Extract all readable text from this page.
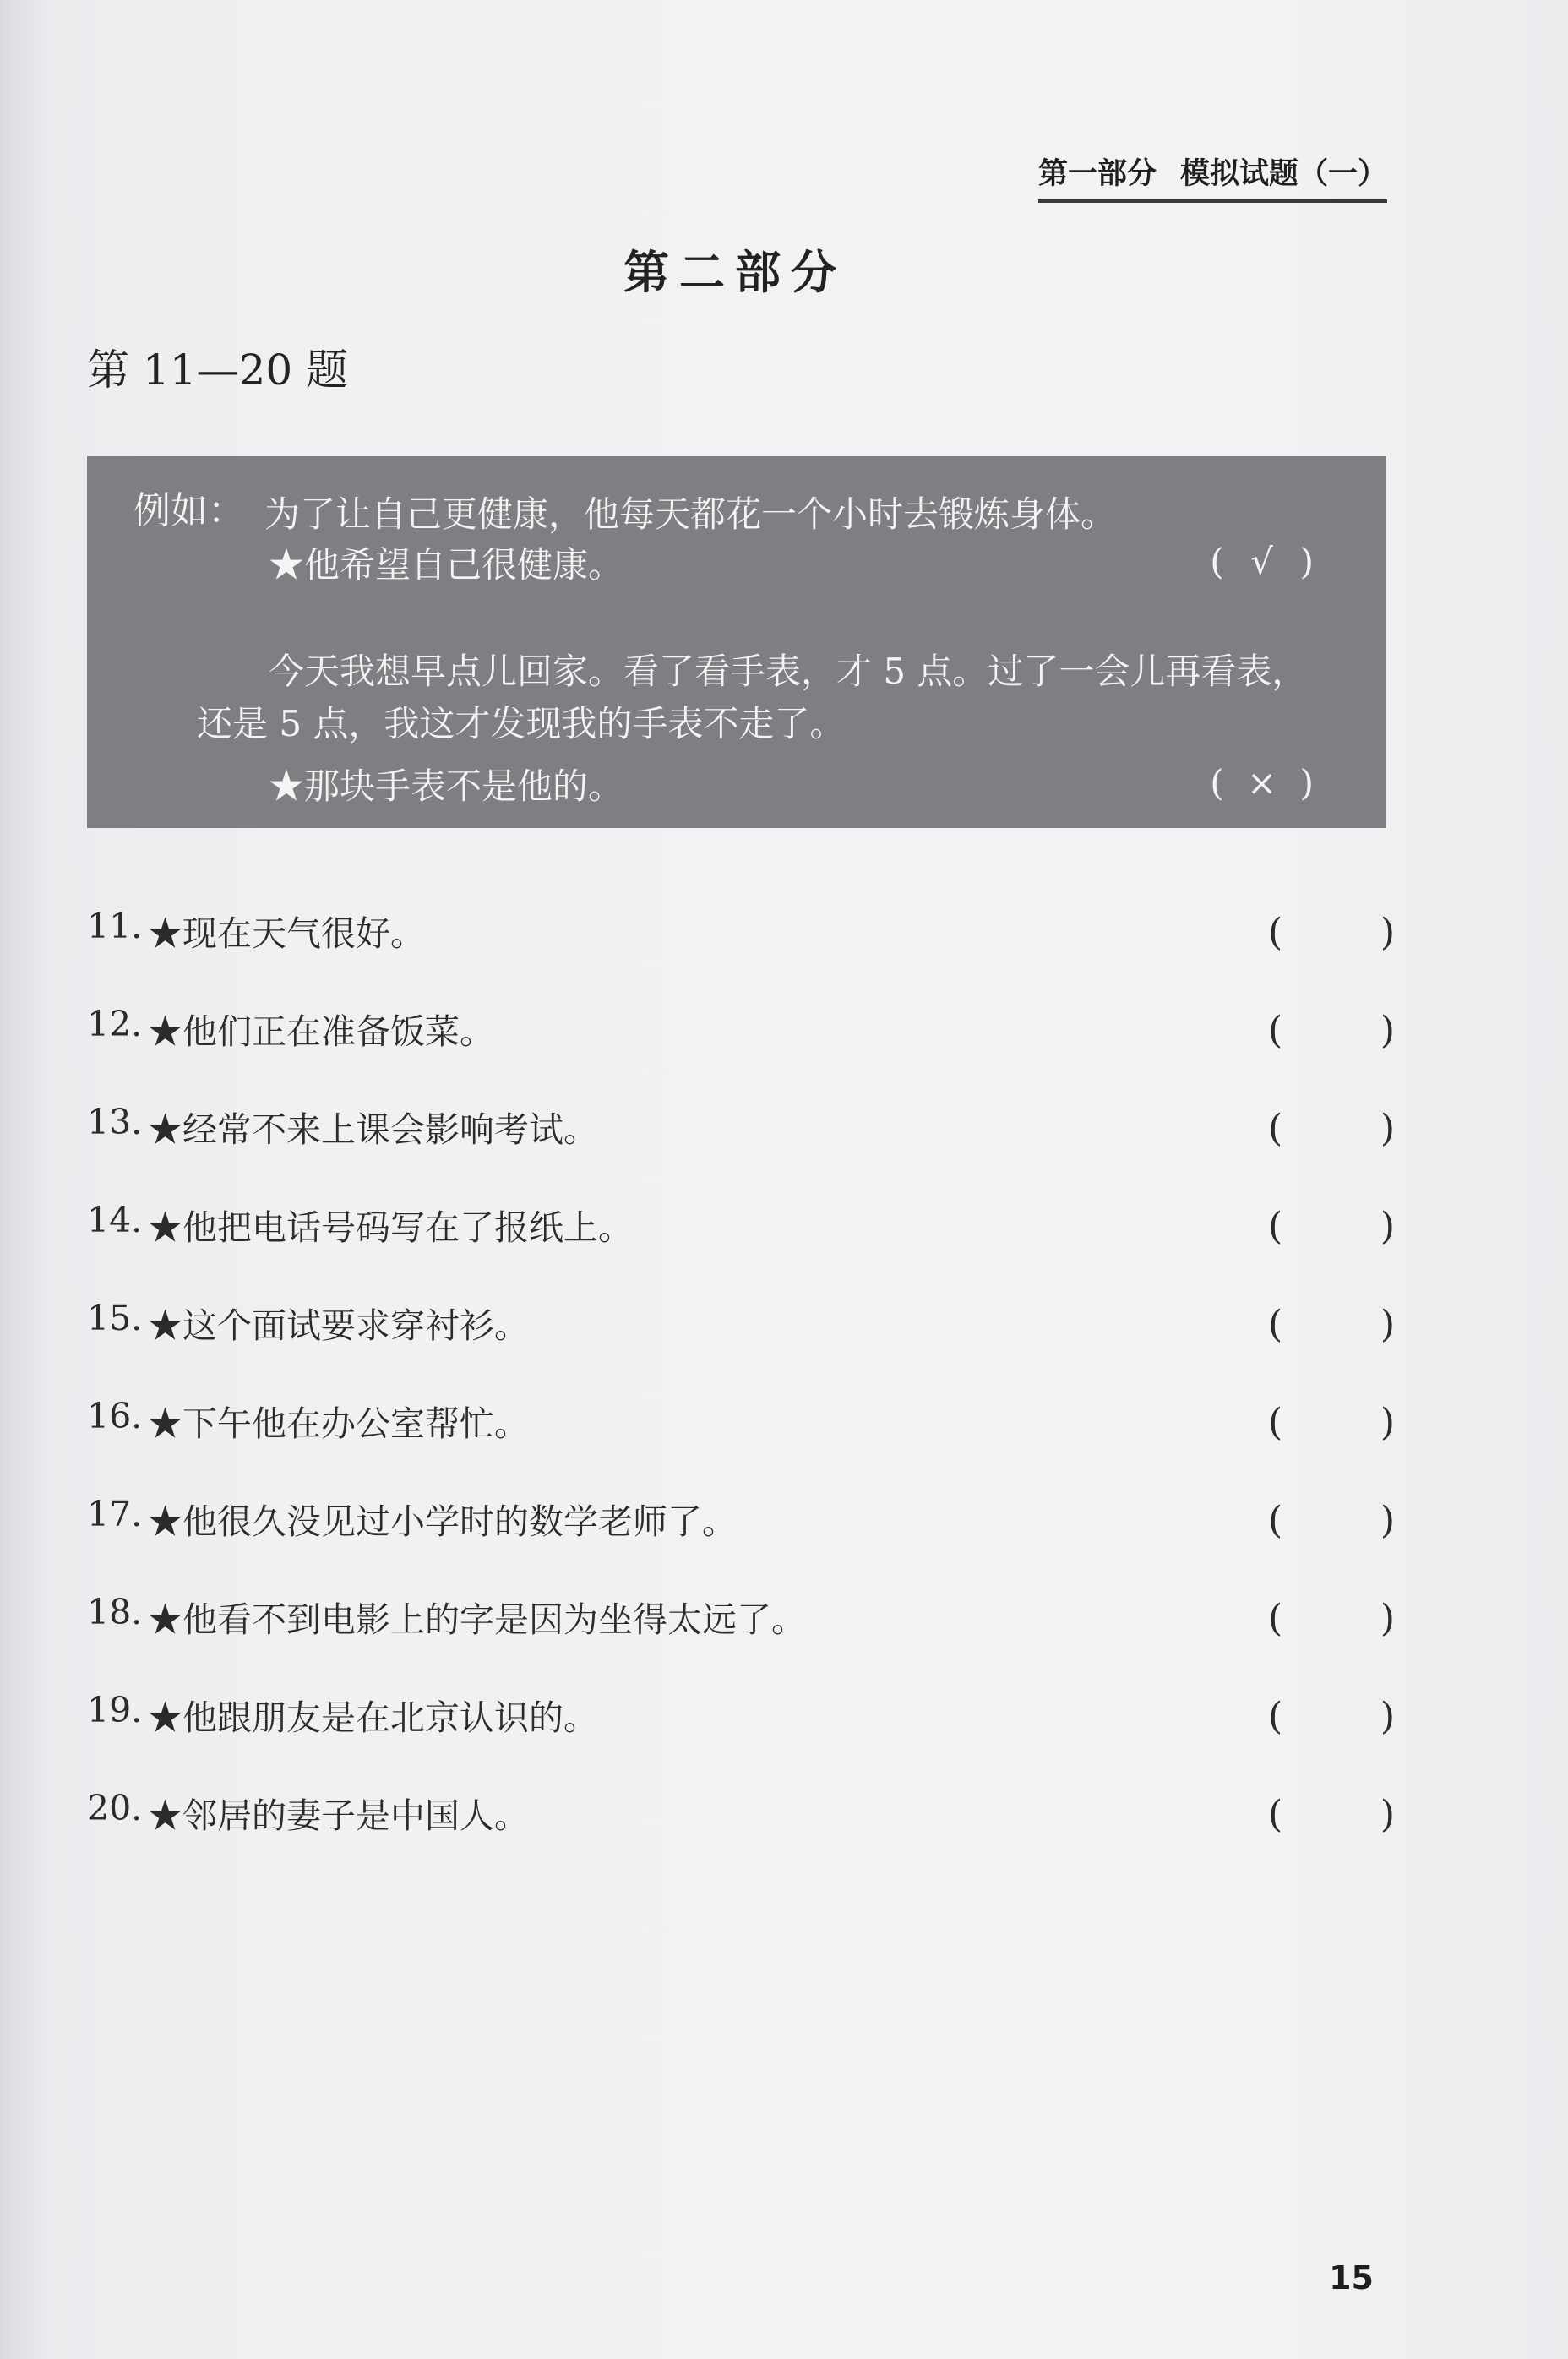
第一部分 模拟试题（一）
第二部分
第 11—20 题
例如： 为了让自己更健康，他每天都花一个小时去锻炼身体。
★他希望自己很健康。	( √ )
今天我想早点儿回家。看了看手表，才 5 点。过了一会儿再看表，
还是 5 点，我这才发现我的手表不走了。
★那块手表不是他的。	( × )
11. ★现在天气很好。	(	)
12. ★他们正在准备饭菜。	(	)
13. ★经常不来上课会影响考试。	(	)
14. ★他把电话号码写在了报纸上。	(	)
15. ★这个面试要求穿衬衫。	(	)
16. ★下午他在办公室帮忙。	(	)
17. ★他很久没见过小学时的数学老师了。	(	)
18. ★他看不到电影上的字是因为坐得太远了。	(	)
19. ★他跟朋友是在北京认识的。	(	)
20. ★邻居的妻子是中国人。	(	)
15
